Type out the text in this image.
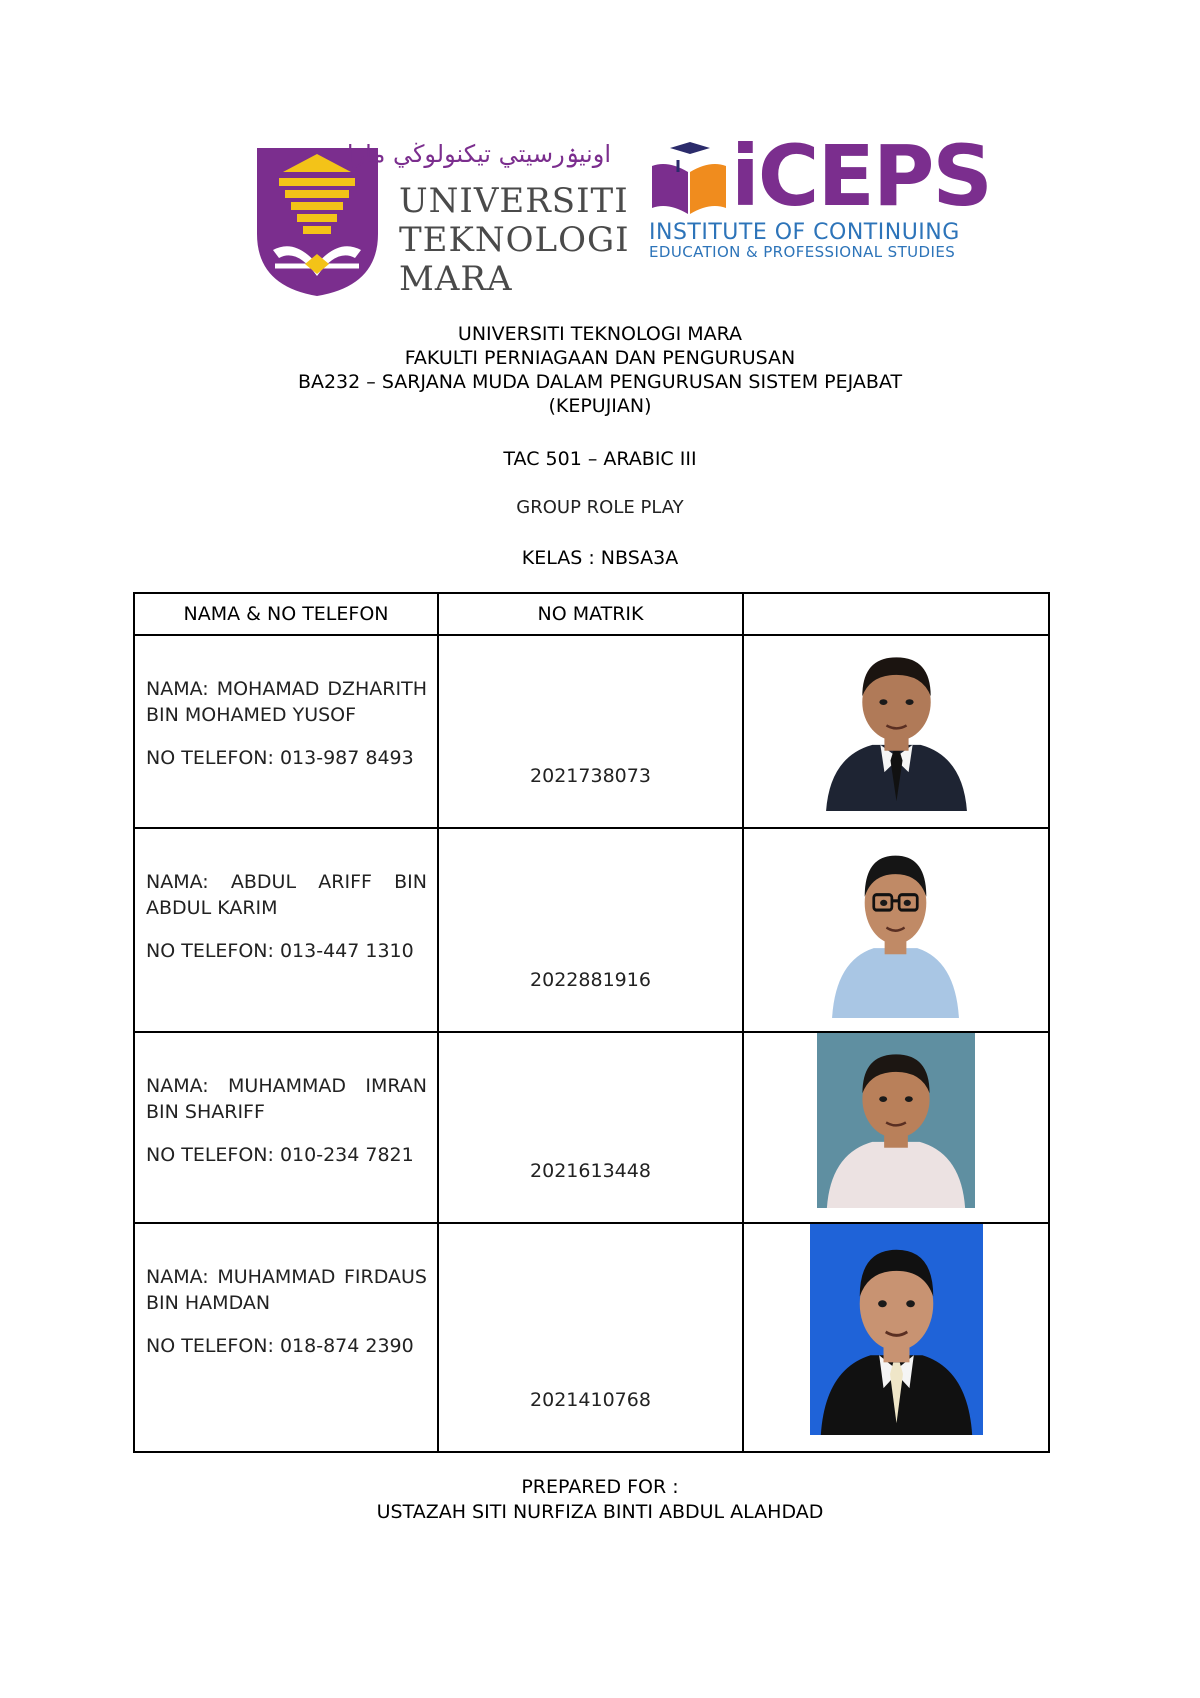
اونيۏرسيتي تيكنولوڬي مارا
UNIVERSITI
TEKNOLOGI
MARA
iCEPS
INSTITUTE OF CONTINUING
EDUCATION & PROFESSIONAL STUDIES
UNIVERSITI TEKNOLOGI MARA
FAKULTI PERNIAGAAN DAN PENGURUSAN
BA232 – SARJANA MUDA DALAM PENGURUSAN SISTEM PEJABAT
(KEPUJIAN)
TAC 501 – ARABIC III
GROUP ROLE PLAY
KELAS : NBSA3A
NAMA & NO TELEFON	NO MATRIK	

NAMA: MOHAMAD DZHARITH
BIN MOHAMED YUSOF
NO TELEFON: 013-987 8493	2021738073

NAMA: ABDUL ARIFF BIN
ABDUL KARIM
NO TELEFON: 013-447 1310	2022881916

NAMA: MUHAMMAD IMRAN
BIN SHARIFF
NO TELEFON: 010-234 7821	2021613448

NAMA: MUHAMMAD FIRDAUS
BIN HAMDAN
NO TELEFON: 018-874 2390	2021410768

PREPARED FOR :
USTAZAH SITI NURFIZA BINTI ABDUL ALAHDAD
